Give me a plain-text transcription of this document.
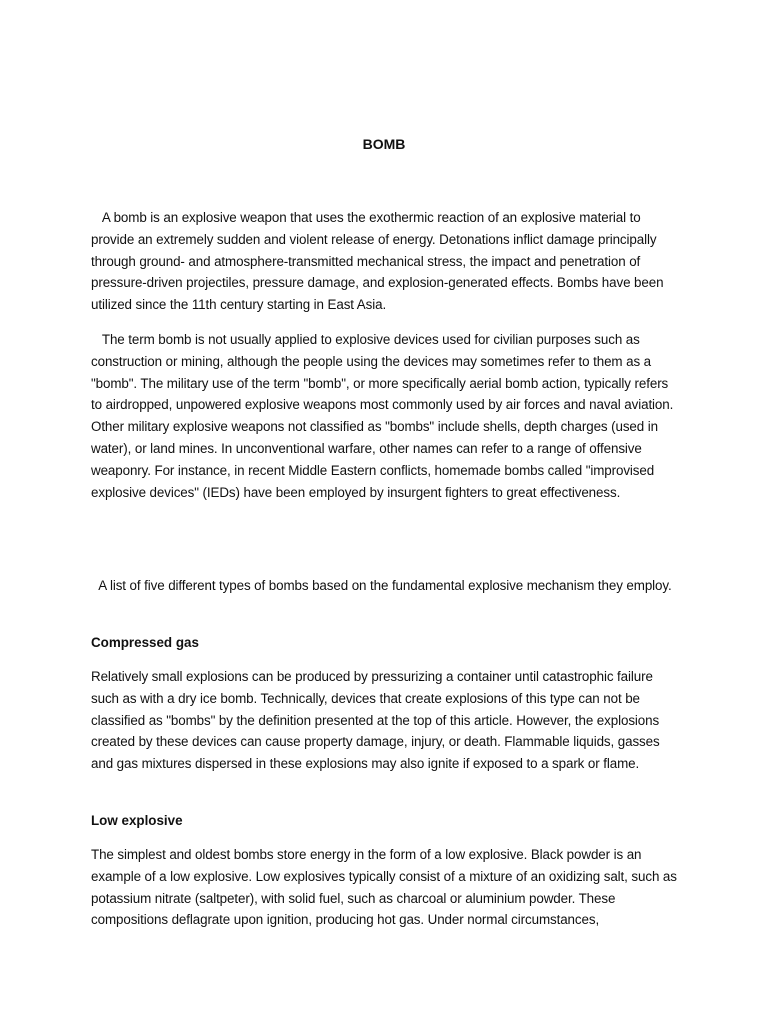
BOMB

A bomb is an explosive weapon that uses the exothermic reaction of an explosive material to provide an extremely sudden and violent release of energy. Detonations inflict damage principally through ground- and atmosphere-transmitted mechanical stress, the impact and penetration of pressure-driven projectiles, pressure damage, and explosion-generated effects. Bombs have been utilized since the 11th century starting in East Asia.

The term bomb is not usually applied to explosive devices used for civilian purposes such as construction or mining, although the people using the devices may sometimes refer to them as a "bomb". The military use of the term "bomb", or more specifically aerial bomb action, typically refers to airdropped, unpowered explosive weapons most commonly used by air forces and naval aviation. Other military explosive weapons not classified as "bombs" include shells, depth charges (used in water), or land mines. In unconventional warfare, other names can refer to a range of offensive weaponry. For instance, in recent Middle Eastern conflicts, homemade bombs called "improvised explosive devices" (IEDs) have been employed by insurgent fighters to great effectiveness.

A list of five different types of bombs based on the fundamental explosive mechanism they employ.

Compressed gas

Relatively small explosions can be produced by pressurizing a container until catastrophic failure such as with a dry ice bomb. Technically, devices that create explosions of this type can not be classified as "bombs" by the definition presented at the top of this article. However, the explosions created by these devices can cause property damage, injury, or death. Flammable liquids, gasses and gas mixtures dispersed in these explosions may also ignite if exposed to a spark or flame.

Low explosive

The simplest and oldest bombs store energy in the form of a low explosive. Black powder is an example of a low explosive. Low explosives typically consist of a mixture of an oxidizing salt, such as potassium nitrate (saltpeter), with solid fuel, such as charcoal or aluminium powder. These compositions deflagrate upon ignition, producing hot gas. Under normal circumstances,
